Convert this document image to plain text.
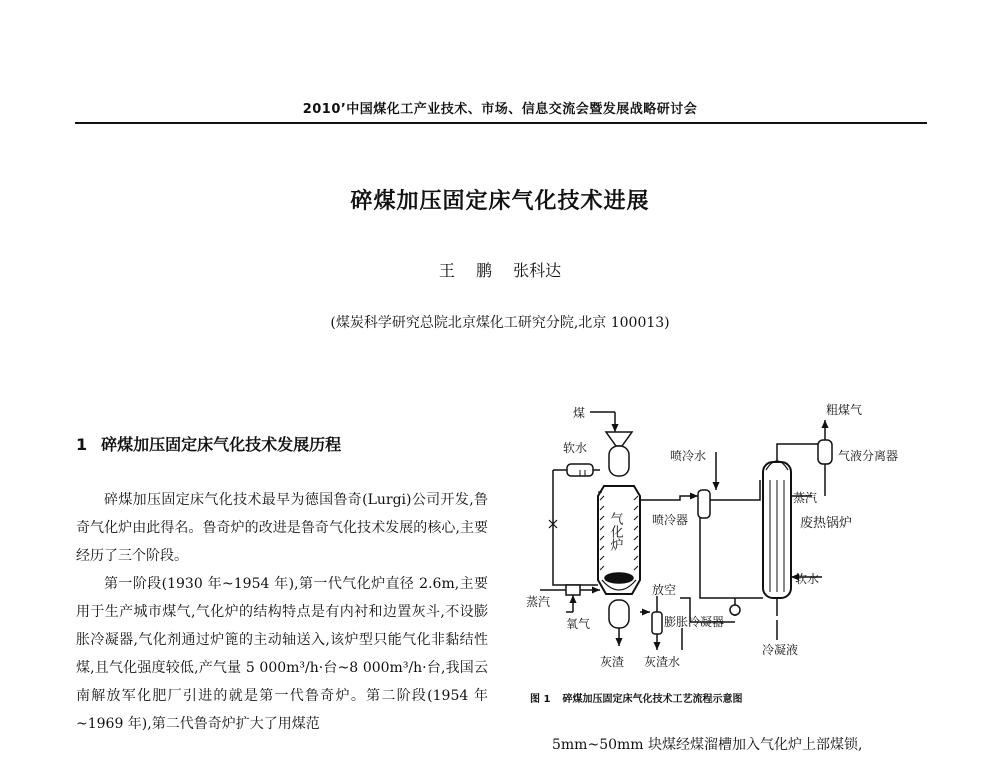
2010’中国煤化工产业技术、市场、信息交流会暨发展战略研讨会
碎煤加压固定床气化技术进展
王 鹏 张科达
(煤炭科学研究总院北京煤化工研究分院,北京 100013)
1 碎煤加压固定床气化技术发展历程

碎煤加压固定床气化技术最早为德国鲁奇(Lurgi)公司开发,鲁奇气化炉由此得名。鲁奇炉的改进是鲁奇气化技术发展的核心,主要经历了三个阶段。

第一阶段(1930 年~1954 年),第一代气化炉直径 2.6m,主要用于生产城市煤气,气化炉的结构特点是有内衬和边置灰斗,不设膨胀冷凝器,气化剂通过炉篦的主动轴送入,该炉型只能气化非黏结性煤,且气化强度较低,产气量 5 000m³/h·台~8 000m³/h·台,我国云南解放军化肥厂引进的就是第一代鲁奇炉。第二阶段(1954 年~1969 年),第二代鲁奇炉扩大了用煤范

煤	粗煤气
软水
喷冷水	气液分离器
喷冷器
气化炉
蒸汽
废热锅炉
软水
放空
蒸汽
氧气	膨胀冷凝器
冷凝液
灰渣 灰渣水
图 1 碎煤加压固定床气化技术工艺流程示意图
5mm~50mm 块煤经煤溜槽加入气化炉上部煤锁,
